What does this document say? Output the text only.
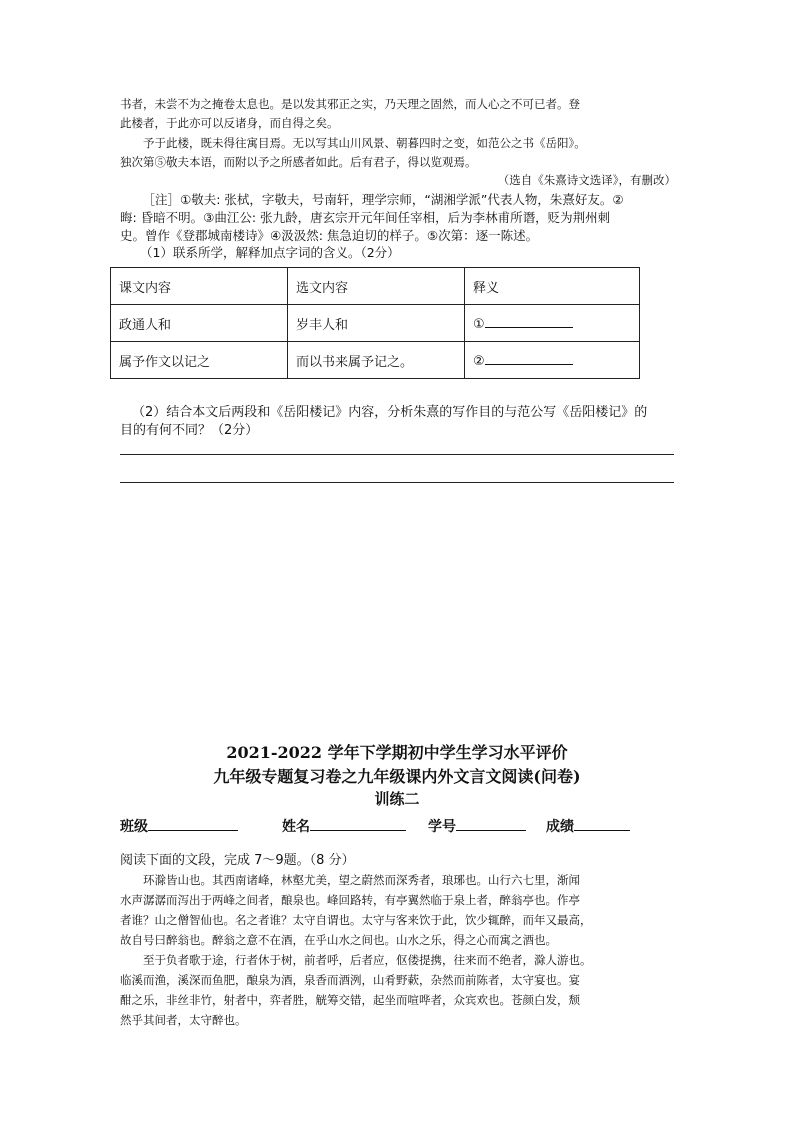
书者，未尝不为之掩卷太息也。是以发其邪正之实，乃天理之固然，而人心之不可已者。登

此楼者，于此亦可以反诸身，而自得之矣。

予于此楼，既未得往寓目焉。无以写其山川风景、朝暮四时之变，如范公之书《岳阳》。

独次第⑤敬夫本语，而附以予之所感者如此。后有君子，得以览观焉。

（选自《朱熹诗文选译》，有删改）
［注］①敬夫: 张栻，字敬夫，号南轩，理学宗师，“湖湘学派”代表人物，朱熹好友。②
晦: 昏暗不明。③曲江公: 张九龄，唐玄宗开元年间任宰相，后为李林甫所谮，贬为荆州刺
史。曾作《登郡城南楼诗》④汲汲然: 焦急迫切的样子。⑤次第：逐一陈述。
（1）联系所学，解释加点字词的含义。（2分）
课文内容	选文内容	释义
政通人和	岁丰人和	①
属予作文以记之	而以书来属予记之。	②
（2）结合本文后两段和《岳阳楼记》内容，分析朱熹的写作目的与范公写《岳阳楼记》的
目的有何不同？（2分）
2021-2022 学年下学期初中学生学习水平评价
九年级专题复习卷之九年级课内外文言文阅读(问卷)
训练二
班级	姓名	学号	成绩
阅读下面的文段，完成 7～9题。（8 分）

环滁皆山也。其西南诸峰，林壑尤美，望之蔚然而深秀者，琅琊也。山行六七里，渐闻

水声潺潺而泻出于两峰之间者，酿泉也。峰回路转，有亭翼然临于泉上者，醉翁亭也。作亭

者谁？山之僧智仙也。名之者谁？太守自谓也。太守与客来饮于此，饮少辄醉，而年又最高，

故自号曰醉翁也。醉翁之意不在酒，在乎山水之间也。山水之乐，得之心而寓之酒也。

至于负者歌于途，行者休于树，前者呼，后者应，伛偻提携，往来而不绝者，滁人游也。

临溪而渔，溪深而鱼肥，酿泉为酒，泉香而酒洌，山肴野蔌，杂然而前陈者，太守宴也。宴

酣之乐，非丝非竹，射者中，弈者胜，觥筹交错，起坐而喧哗者，众宾欢也。苍颜白发，颓

然乎其间者，太守醉也。
